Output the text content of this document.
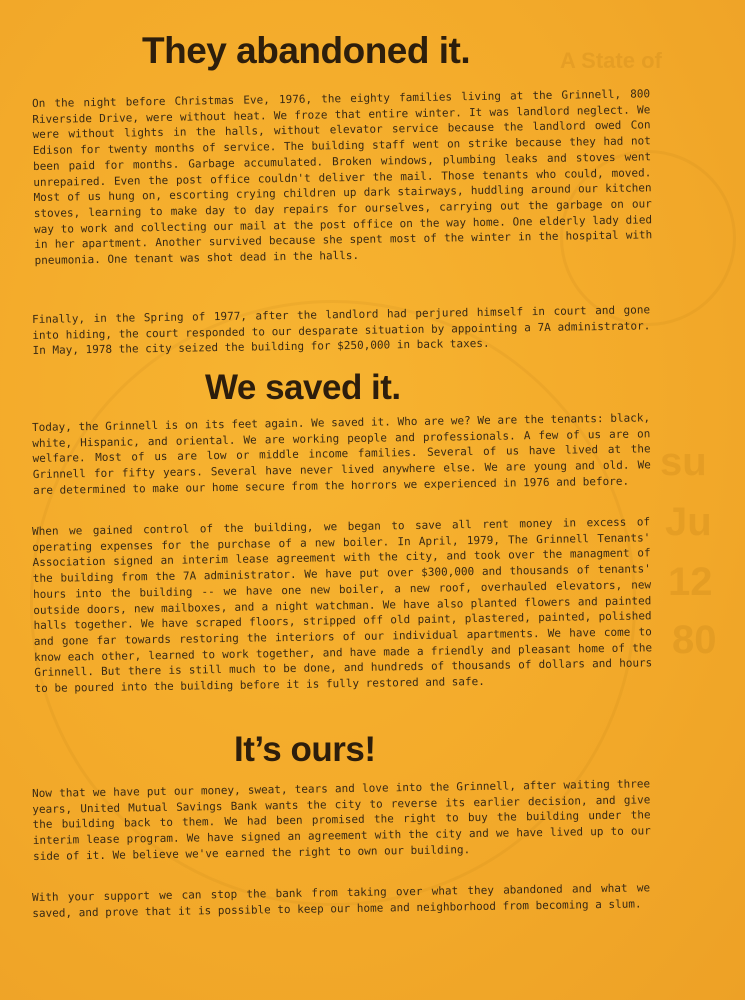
A State of
su
Ju
12
80
They abandoned it.

On the night before Christmas Eve, 1976, the eighty families living at the Grinnell, 800 Riverside Drive, were without heat. We froze that entire winter. It was landlord neglect. We were without lights in the halls, without elevator service because the landlord owed Con Edison for twenty months of service. The building staff went on strike because they had not been paid for months. Garbage accumulated. Broken windows, plumbing leaks and stoves went unrepaired. Even the post office couldn't deliver the mail. Those tenants who could, moved. Most of us hung on, escorting crying children up dark stairways, huddling around our kitchen stoves, learning to make day to day repairs for ourselves, carrying out the garbage on our way to work and collecting our mail at the post office on the way home. One elderly lady died in her apartment. Another survived because she spent most of the winter in the hospital with pneumonia. One tenant was shot dead in the halls.

Finally, in the Spring of 1977, after the landlord had perjured himself in court and gone into hiding, the court responded to our desparate situation by appointing a 7A administrator. In May, 1978 the city seized the building for $250,000 in back taxes.

We saved it.

Today, the Grinnell is on its feet again. We saved it. Who are we? We are the tenants: black, white, Hispanic, and oriental. We are working people and professionals. A few of us are on welfare. Most of us are low or middle income families. Several of us have lived at the Grinnell for fifty years. Several have never lived anywhere else. We are young and old. We are determined to make our home secure from the horrors we experienced in 1976 and before.

When we gained control of the building, we began to save all rent money in excess of operating expenses for the purchase of a new boiler. In April, 1979, The Grinnell Tenants' Association signed an interim lease agreement with the city, and took over the managment of the building from the 7A administrator. We have put over $300,000 and thousands of tenants' hours into the building -- we have one new boiler, a new roof, overhauled elevators, new outside doors, new mailboxes, and a night watchman. We have also planted flowers and painted halls together. We have scraped floors, stripped off old paint, plastered, painted, polished and gone far towards restoring the interiors of our individual apartments. We have come to know each other, learned to work together, and have made a friendly and pleasant home of the Grinnell. But there is still much to be done, and hundreds of thousands of dollars and hours to be poured into the building before it is fully restored and safe.

It’s ours!

Now that we have put our money, sweat, tears and love into the Grinnell, after waiting three years, United Mutual Savings Bank wants the city to reverse its earlier decision, and give the building back to them. We had been promised the right to buy the building under the interim lease program. We have signed an agreement with the city and we have lived up to our side of it. We believe we've earned the right to own our building.

With your support we can stop the bank from taking over what they abandoned and what we saved, and prove that it is possible to keep our home and neighborhood from becoming a slum.
